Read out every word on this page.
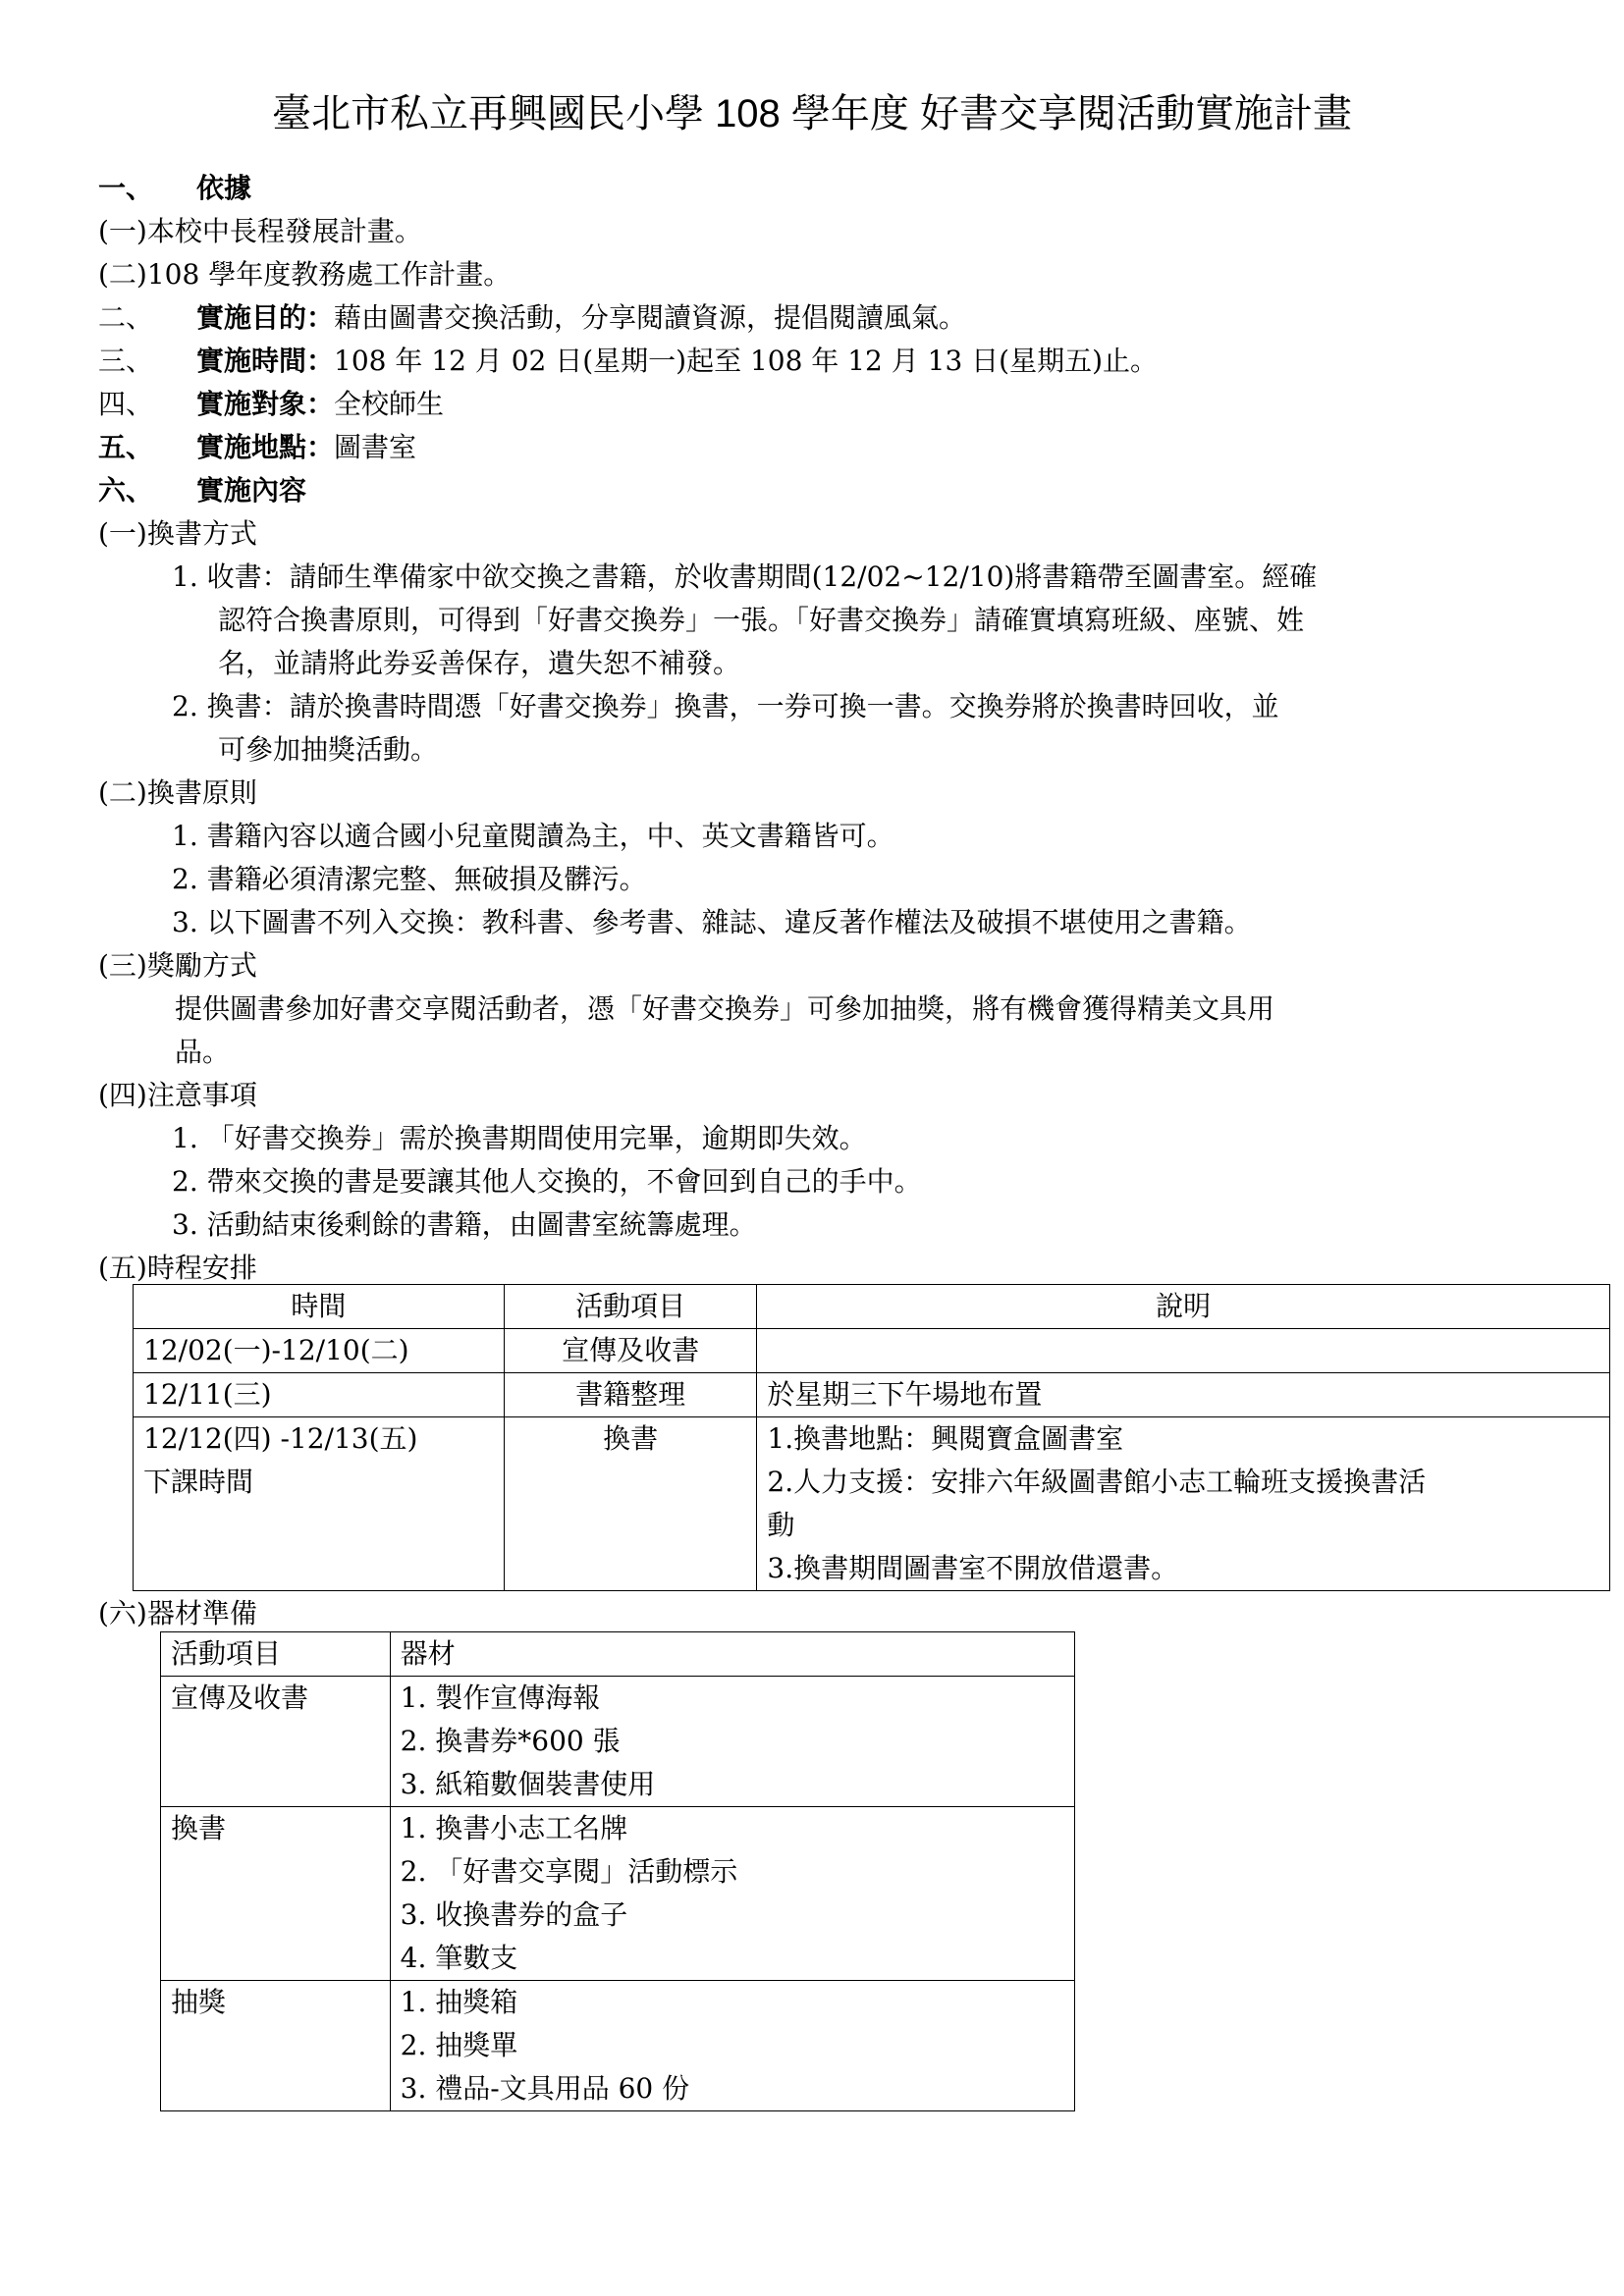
臺北市私立再興國民小學 108 學年度 好書交享閱活動實施計畫
一、 依據
(一)本校中長程發展計畫。
(二)108 學年度教務處工作計畫。
二、 實施目的：藉由圖書交換活動，分享閱讀資源，提倡閱讀風氣。
三、 實施時間：108 年 12 月 02 日(星期一)起至 108 年 12 月 13 日(星期五)止。
四、 實施對象：全校師生
五、 實施地點：圖書室
六、 實施內容
(一)換書方式
1. 收書：請師生準備家中欲交換之書籍，於收書期間(12/02~12/10)將書籍帶至圖書室。經確
認符合換書原則，可得到「好書交換券」一張。「好書交換券」請確實填寫班級、座號、姓
名，並請將此券妥善保存，遺失恕不補發。
2. 換書：請於換書時間憑「好書交換券」換書，一券可換一書。交換券將於換書時回收，並
可參加抽獎活動。
(二)換書原則
1. 書籍內容以適合國小兒童閱讀為主，中、英文書籍皆可。
2. 書籍必須清潔完整、無破損及髒污。
3. 以下圖書不列入交換：教科書、參考書、雜誌、違反著作權法及破損不堪使用之書籍。
(三)獎勵方式
提供圖書參加好書交享閱活動者，憑「好書交換券」可參加抽獎，將有機會獲得精美文具用
品。
(四)注意事項
1. 「好書交換券」需於換書期間使用完畢，逾期即失效。
2. 帶來交換的書是要讓其他人交換的，不會回到自己的手中。
3. 活動結束後剩餘的書籍，由圖書室統籌處理。
(五)時程安排
時間	活動項目	說明

12/02(一)-12/10(二)	宣傳及收書	

12/11(三)	書籍整理	於星期三下午場地布置

12/12(四) -12/13(五)
下課時間	換書	1.換書地點：興閱寶盒圖書室
2.人力支援：安排六年級圖書館小志工輪班支援換書活
動
3.換書期間圖書室不開放借還書。
(六)器材準備
活動項目	器材
宣傳及收書	1. 製作宣傳海報
2. 換書券*600 張
3. 紙箱數個裝書使用

換書	1. 換書小志工名牌
2. 「好書交享閱」活動標示
3. 收換書券的盒子
4. 筆數支

抽獎	1. 抽獎箱
2. 抽獎單
3. 禮品-文具用品 60 份
